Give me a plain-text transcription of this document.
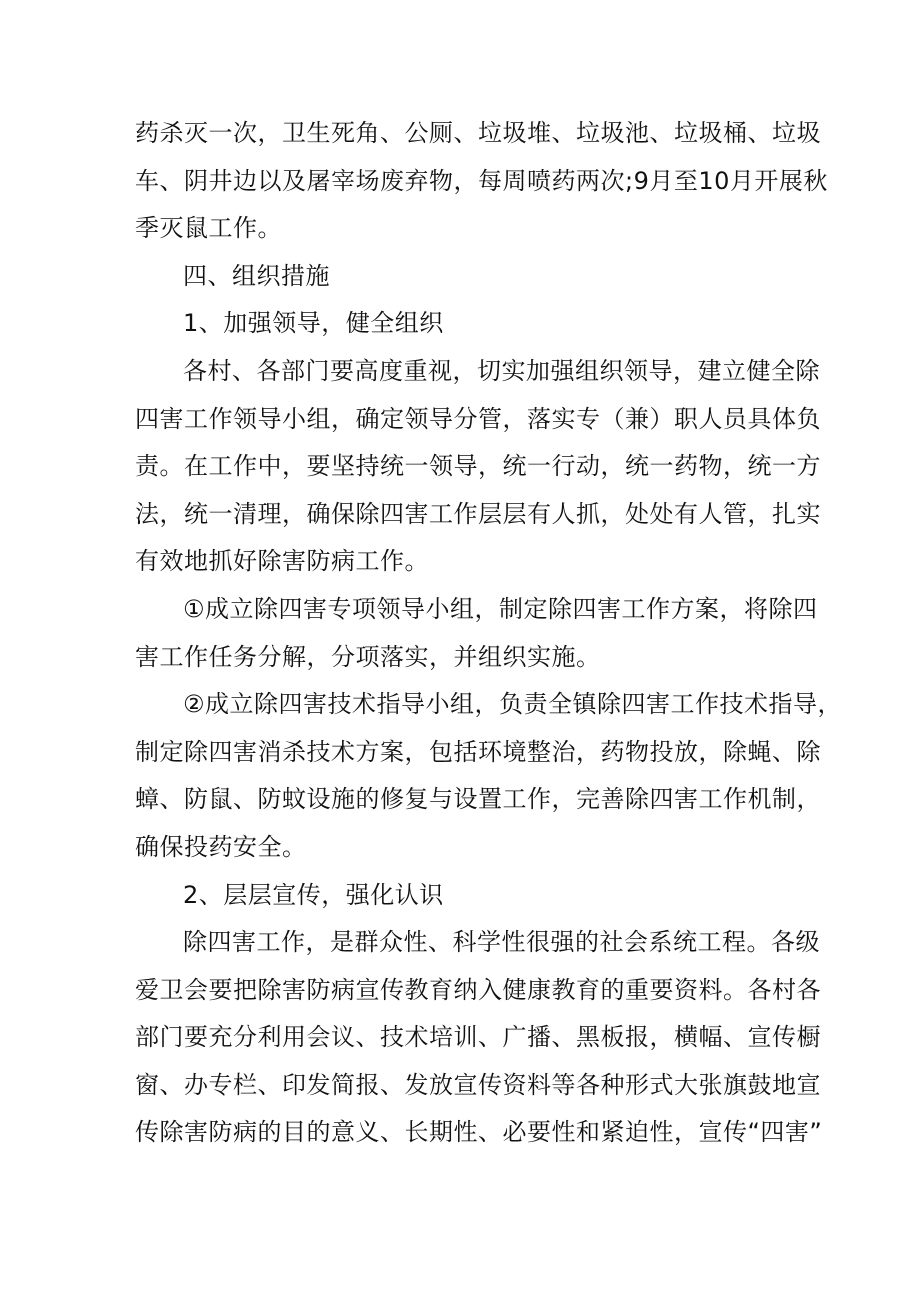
药杀灭一次，卫生死角、公厕、垃圾堆、垃圾池、垃圾桶、垃圾
车、阴井边以及屠宰场废弃物，每周喷药两次;9月至10月开展秋
季灭鼠工作。
四、组织措施
1、加强领导，健全组织
各村、各部门要高度重视，切实加强组织领导，建立健全除
四害工作领导小组，确定领导分管，落实专（兼）职人员具体负
责。在工作中，要坚持统一领导，统一行动，统一药物，统一方
法，统一清理，确保除四害工作层层有人抓，处处有人管，扎实
有效地抓好除害防病工作。
①成立除四害专项领导小组，制定除四害工作方案，将除四
害工作任务分解，分项落实，并组织实施。
②成立除四害技术指导小组，负责全镇除四害工作技术指导，
制定除四害消杀技术方案，包括环境整治，药物投放，除蝇、除
蟑、防鼠、防蚊设施的修复与设置工作，完善除四害工作机制，
确保投药安全。
2、层层宣传，强化认识
除四害工作，是群众性、科学性很强的社会系统工程。各级
爱卫会要把除害防病宣传教育纳入健康教育的重要资料。各村各
部门要充分利用会议、技术培训、广播、黑板报，横幅、宣传橱
窗、办专栏、印发简报、发放宣传资料等各种形式大张旗鼓地宣
传除害防病的目的意义、长期性、必要性和紧迫性，宣传“四害”
